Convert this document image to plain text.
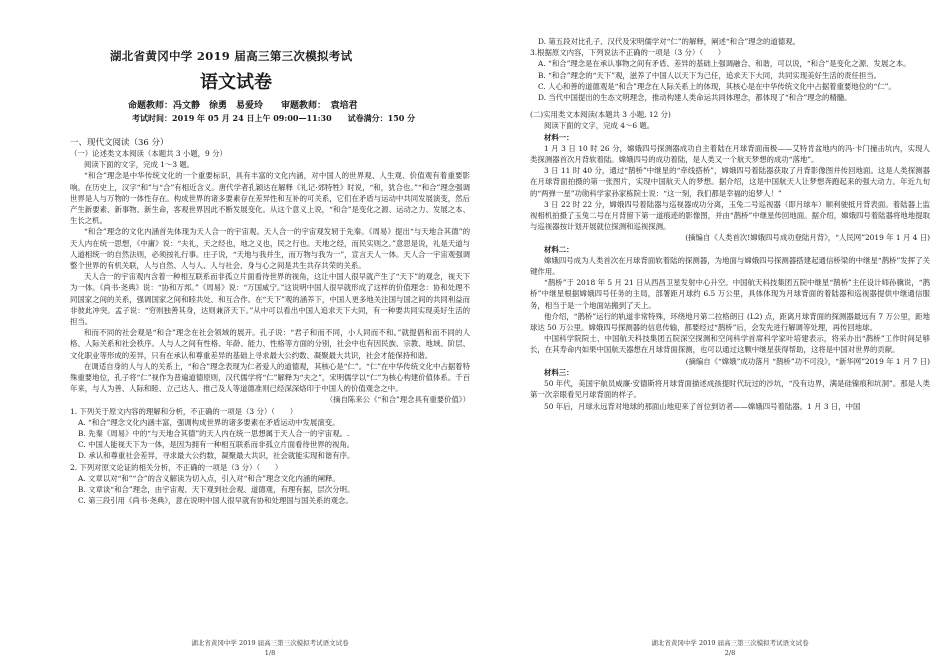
湖北省黄冈中学 2019 届高三第三次模拟考试
语文试卷
命题教师：冯文静　徐勇　易爱玲　　审题教师：　袁培君
考试时间：2019 年 05 月 24 日上午 09:00—11:30　　试卷满分：150 分
一、现代文阅读（36 分）

（一）论述类文本阅读（本题共 3 小题，9 分）

阅读下面的文字，完成 1～3 题。

“和合”理念是中华传统文化的一个重要标识，具有丰富的文化内涵，对中国人的世界观、人生观、价值观有着重要影响。在历史上，汉字“和”与“合”有相近含义。唐代学者孔颖达在解释《礼记·郊特牲》时说，“和，犹合也。”“和合”理念强调世界是人与万物的一体性存在。构成世界的诸多要素存在差异性和互补的可关系，它们在矛盾与运动中共同发展演变，然后产生新要素、新事物、新生命，客观世界因此不断发展变化。从这个意义上说，“和合”是变化之源、运动之力、发展之本、生长之机。

“和合”理念的文化内涵首先体现为天人合一的宇宙观。天人合一的宇宙观发轫于先秦。《周易》提出“与天地合其德”的天人内在统一思想，《中庸》说：“夫礼，天之经也，地之义也，民之行也。天地之经，而民实则之。”意思是说，礼是天道与人道相统一的自然法则，必须按礼行事。庄子说，“天地与我并生，而万物与我为一”，宣言天人一体。天人合一宇宙观强调整个世界的有机关联，人与自然、人与人、人与社会、身与心之间是共生共存共荣的关系。

天人合一的宇宙观内含着一种相互联系而非孤立片面看待世界的视角，这让中国人很早就产生了“天下”的观念，视天下为一体。《尚书·尧典》说：“协和万邦。”《周易》说：“万国咸宁。”这说明中国人很早就形成了这样的价值理念：协和处理不同国家之间的关系，强调国家之间和睦共处、和互合作。在“天下”观的涵养下，中国人更多地关注国与国之间的共同利益而非彼此冲突。孟子说：“穷则独善其身，达则兼济天下。”从中可以看出中国人追求天下大同，有一种要共同实现美好生活的担当。

和而不同的社会观是“和合”理念在社会领域的展开。孔子说：“君子和而不同，小人同而不和。”就提倡和而不同的人格、人际关系和社会秩序。人与人之间有性格、年龄、能力、性格等方面的分别，社会中也有因民族、宗教、地域、阶层、文化职业等形成的差异，只有在承认和尊重差异的基础上寻求最大公约数、凝聚最大共识，社会才能保持和谐。

在调适自身的人与人的关系上，“和合”理念表现为仁者爱人的道德观，其核心是“仁”。“仁”在中华传统文化中占据着特殊重要地位，孔子将“仁”视作为普遍道德原则，汉代儒学将“仁”解释为“夫之”，宋明儒学以“仁”为核心构建价值体系。千百年来，与人为善、人际和睦、立己达人、推己及人等道德准则已经深深烙印于中国人的价值观念之中。

（摘自陈来公《“和合”理念具有重要价值》）

1. 下列关于原文内容的理解和分析，不正确的一项是（3 分）（　　）

A. “和合”理念文化内涵丰富，强调构成世界的诸多要素在矛盾运动中发展演变。

B. 先秦《周易》中的“与天地合其德”的天人内在统一思想属于天人合一的宇宙观。.

C. 中国人能视天下为一体，是因为拥有一种相互联系而非孤立片面看待世界的视角。

D. 承认和尊重社会差异，寻求最大公约数，凝聚最大共识，社会就能实现和谐有序。

2. 下列对原文论证的相关分析，不正确的一项是（3 分）（　　）

A. 文章以对“和”“合”的含义解读为切入点，引入对“和合”理念文化内涵的阐释。

B. 文章谈“和合”理念，由宇宙观、天下观到社会观、道德观，有理有据，层次分明。

C. 第三段引用《尚书·尧典》，意在说明中国人很早就有协和处理国与国关系的观念。

湖北省黄冈中学 2019 届高三第三次模拟考试语文试卷
1/8

D. 第五段对比孔子、汉代及宋明儒学对“仁”的解释，阐述“和合”理念的道德观。

3.根据原文内容，下列说法不正确的一项是（3 分）（　　）

A. “和合”理念是在承认事物之间有矛盾、差异的基础上强调融合、和谐，可以说，“和合”是变化之源、发展之本。

B. “和合”理念的“天下”观，滋养了中国人以天下为己任，追求天下大同，共同实现美好生活的责任担当。

C. 人心和善的道德观是“和合”理念在人际关系上的体现，其核心是在中华传统文化中占据着重要地位的“仁”。

D. 当代中国提出的生态文明理念，推动构建人类命运共同体理念，都体现了“和合”理念的精髓。

(二)实用类文本阅读(本题共 3 小题, 12 分)

阅读下面的文字，完成 4～6 题。

材料一：

1 月 3 日 10 时 26 分，嫦娥四号探测器成功自主着陆在月球背面南极——艾特肯盆地内的冯·卡门撞击坑内，实现人类探测器首次月背软着陆。嫦娥四号的成功着陆，是人类又一个航天梦想的成功“落地”。

3 日 11 时 40 分，通过“鹊桥”中继星的“牵线搭桥”，嫦娥四号着陆器获取了月背影像图并传回地面。这是人类探测器在月球背面拍摄的第一张图片，实现中国航天人的梦想。据介绍，这是中国航天人让梦想奔跑起来的强大动力。年近九旬的“两弹一星”功勋科学家孙家栋院士说：“这一刻，我们都是幸福的追梦人！”

3 日 22 时 22 分，嫦娥四号着陆器与巡视器成功分离，玉兔二号巡视器（即月球车）顺利驶抵月背表面。着陆器上监视相机拍摄了玉兔二号在月背留下第一道痕迹的影像图，并由“鹊桥”中继星传回地面。据介绍，嫦娥四号着陆器将地地提取与巡视器按计划开展就位探测和巡视探测。

(摘编自《人类首次!嫦娥四号成功登陆月背》，“人民网”2019 年 1 月 4 日)

材料二：

嫦娥四号成为人类首次在月球背面软着陆的探测器，为地面与嫦娥四号探测器搭建起通信桥梁的中继星“鹊桥”发挥了关键作用。

“鹊桥”于 2018 年 5 月 21 日从西昌卫星发射中心升空。中国航天科技集团五院中继星“鹊桥”主任设计师孙骥说，“鹊桥”中继星根据嫦娥四号任务的主局，部署距月球约 6.5 万公里，具体体现为月球背面的着陆器和巡视器提供中继通信服务，相当于是一个地面站搬到了天上。

他介绍，“鹊桥”运行的轨道非常特殊，环绕地月第二拉格朗日 (L2) 点，距离月球背面的探测器最远有 7 万公里，距地球达 50 万公里。嫦娥四号探测器的信息传输，都要经过“鹊桥”后，会发先进行解调等处理，再传回地球。

中国科学院院士、中国航天科技集团五院深空探测和空间科学首席科学家叶培建表示，将采办出“鹊桥”工作时间足够长，在其寿命内如果中国航天器想在月球背面探测，也可以通过这颗中继星获得帮助，这将是中国对世界的贡献。

(摘编自《“嫦娥”成功落月 “鹊桥”功不可没》，“新华网”2019 年 1 月 7 日)

材料三：

50 年代，美国宇航员威廉·安德斯将月球背面描述成孩提时代玩过的沙坑，“没有边界，满是硅镍痕和坑洞”。那是人类第一次亲眼看见月球背面的样子。

50 年后，月球永远背对地球的那面山地迎来了首位到访者——嫦娥四号着陆器。1 月 3 日，中国

湖北省黄冈中学 2019 届高三第三次模拟考试语文试卷
2/8
